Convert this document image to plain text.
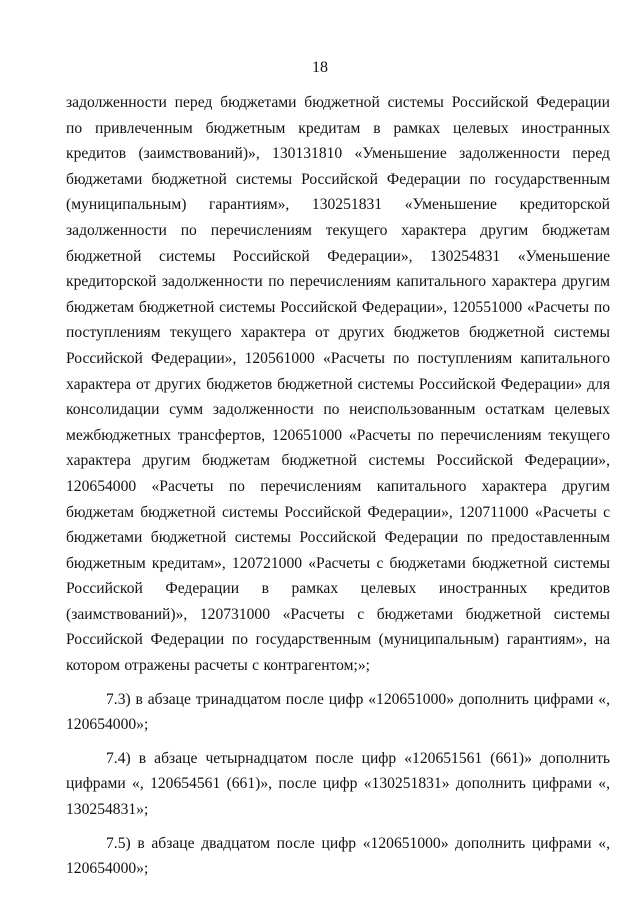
18

задолженности перед бюджетами бюджетной системы Российской Федерации по привлеченным бюджетным кредитам в рамках целевых иностранных кредитов (заимствований)», 130131810 «Уменьшение задолженности перед бюджетами бюджетной системы Российской Федерации по государственным (муниципальным) гарантиям», 130251831 «Уменьшение кредиторской задолженности по перечислениям текущего характера другим бюджетам бюджетной системы Российской Федерации», 130254831 «Уменьшение кредиторской задолженности по перечислениям капитального характера другим бюджетам бюджетной системы Российской Федерации», 120551000 «Расчеты по поступлениям текущего характера от других бюджетов бюджетной системы Российской Федерации», 120561000 «Расчеты по поступлениям капитального характера от других бюджетов бюджетной системы Российской Федерации» для консолидации сумм задолженности по неиспользованным остаткам целевых межбюджетных трансфертов, 120651000 «Расчеты по перечислениям текущего характера другим бюджетам бюджетной системы Российской Федерации», 120654000 «Расчеты по перечислениям капитального характера другим бюджетам бюджетной системы Российской Федерации», 120711000 «Расчеты с бюджетами бюджетной системы Российской Федерации по предоставленным бюджетным кредитам», 120721000 «Расчеты с бюджетами бюджетной системы Российской Федерации в рамках целевых иностранных кредитов (заимствований)», 120731000 «Расчеты с бюджетами бюджетной системы Российской Федерации по государственным (муниципальным) гарантиям», на котором отражены расчеты с контрагентом;»;

7.3) в абзаце тринадцатом после цифр «120651000» дополнить цифрами «, 120654000»;

7.4) в абзаце четырнадцатом после цифр «120651561 (661)» дополнить цифрами «, 120654561 (661)», после цифр «130251831» дополнить цифрами «, 130254831»;

7.5) в абзаце двадцатом после цифр «120651000» дополнить цифрами «, 120654000»;
